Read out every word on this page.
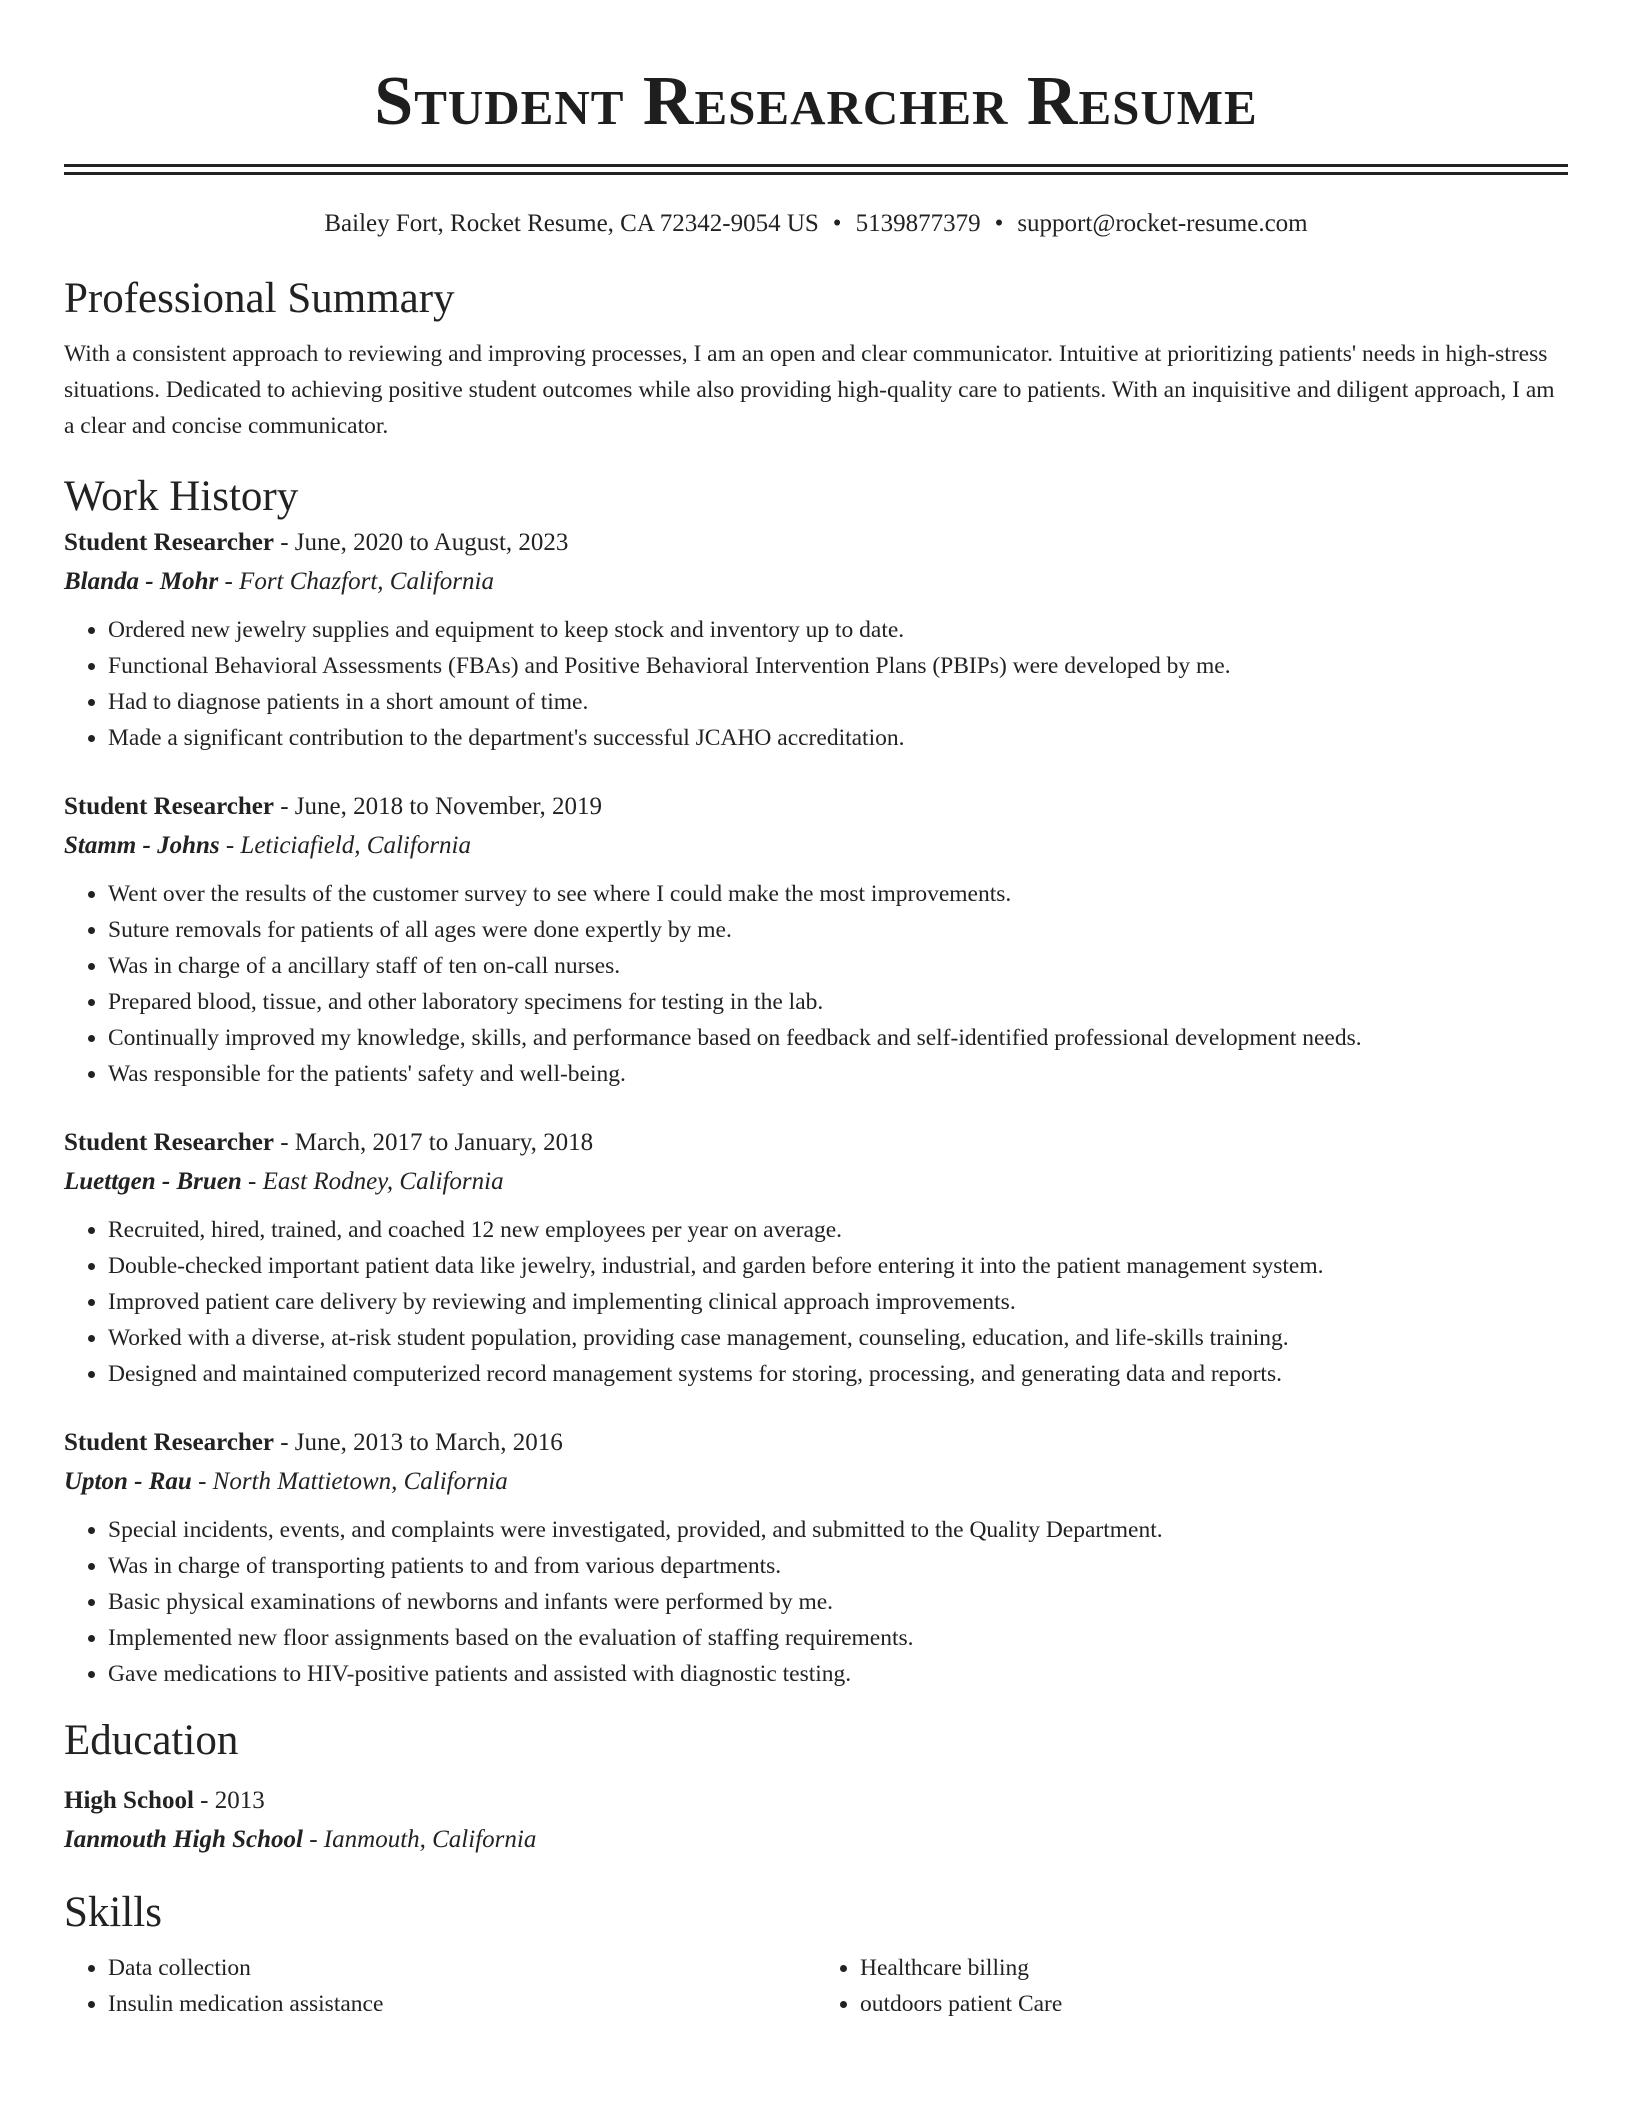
Student Researcher Resume
Bailey Fort, Rocket Resume, CA 72342-9054 US • 5139877379 • support@rocket-resume.com
Professional Summary

With a consistent approach to reviewing and improving processes, I am an open and clear communicator. Intuitive at prioritizing patients' needs in high-stress situations. Dedicated to achieving positive student outcomes while also providing high-quality care to patients. With an inquisitive and diligent approach, I am a clear and concise communicator.

Work History
Student Researcher - June, 2020 to August, 2023
Blanda - Mohr - Fort Chazfort, California
• Ordered new jewelry supplies and equipment to keep stock and inventory up to date.
• Functional Behavioral Assessments (FBAs) and Positive Behavioral Intervention Plans (PBIPs) were developed by me.
• Had to diagnose patients in a short amount of time.
• Made a significant contribution to the department's successful JCAHO accreditation.
Student Researcher - June, 2018 to November, 2019
Stamm - Johns - Leticiafield, California
• Went over the results of the customer survey to see where I could make the most improvements.
• Suture removals for patients of all ages were done expertly by me.
• Was in charge of a ancillary staff of ten on-call nurses.
• Prepared blood, tissue, and other laboratory specimens for testing in the lab.
• Continually improved my knowledge, skills, and performance based on feedback and self-identified professional development needs.
• Was responsible for the patients' safety and well-being.
Student Researcher - March, 2017 to January, 2018
Luettgen - Bruen - East Rodney, California
• Recruited, hired, trained, and coached 12 new employees per year on average.
• Double-checked important patient data like jewelry, industrial, and garden before entering it into the patient management system.
• Improved patient care delivery by reviewing and implementing clinical approach improvements.
• Worked with a diverse, at-risk student population, providing case management, counseling, education, and life-skills training.
• Designed and maintained computerized record management systems for storing, processing, and generating data and reports.
Student Researcher - June, 2013 to March, 2016
Upton - Rau - North Mattietown, California
• Special incidents, events, and complaints were investigated, provided, and submitted to the Quality Department.
• Was in charge of transporting patients to and from various departments.
• Basic physical examinations of newborns and infants were performed by me.
• Implemented new floor assignments based on the evaluation of staffing requirements.
• Gave medications to HIV-positive patients and assisted with diagnostic testing.
Education
High School - 2013
Ianmouth High School - Ianmouth, California
Skills
• Data collection
• Insulin medication assistance
• Healthcare billing
• outdoors patient Care
